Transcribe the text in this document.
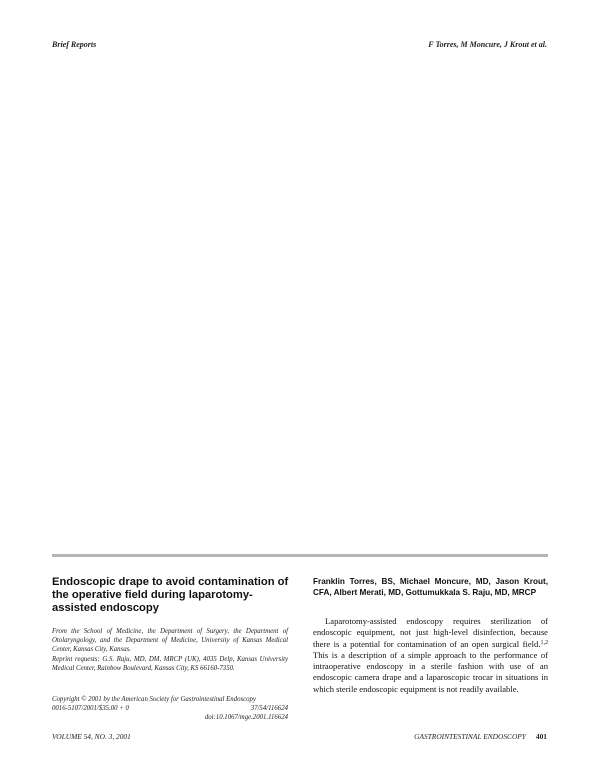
Brief Reports	F Torres, M Moncure, J Krout et al.
Endoscopic drape to avoid contamination of the operative field during laparotomy-assisted endoscopy

From the School of Medicine, the Department of Surgery, the Department of Otolaryngology, and the Department of Medicine, University of Kansas Medical Center, Kansas City, Kansas.

Reprint requests: G.S. Raju, MD, DM, MRCP (UK), 4035 Delp, Kansas University Medical Center, Rainbow Boulevard, Kansas City, KS 66160-7350.

Copyright © 2001 by the American Society for Gastrointestinal Endoscopy
0016-5107/2001/$35.00 + 0	37/54/116624
doi:10.1067/mge.2001.116624
Franklin Torres, BS, Michael Moncure, MD, Jason Krout, CFA, Albert Merati, MD, Gottumukkala S. Raju, MD, MRCP
Laparotomy-assisted endoscopy requires sterilization of endoscopic equipment, not just high-level disinfection, because there is a potential for contamination of an open surgical field.$^{1,2}$ This is a description of a simple approach to the performance of intraoperative endoscopy in a sterile fashion with use of an endoscopic camera drape and a laparoscopic trocar in situations in which sterile endoscopic equipment is not readily available.
VOLUME 54, NO. 3, 2001	GASTROINTESTINAL ENDOSCOPY 401
